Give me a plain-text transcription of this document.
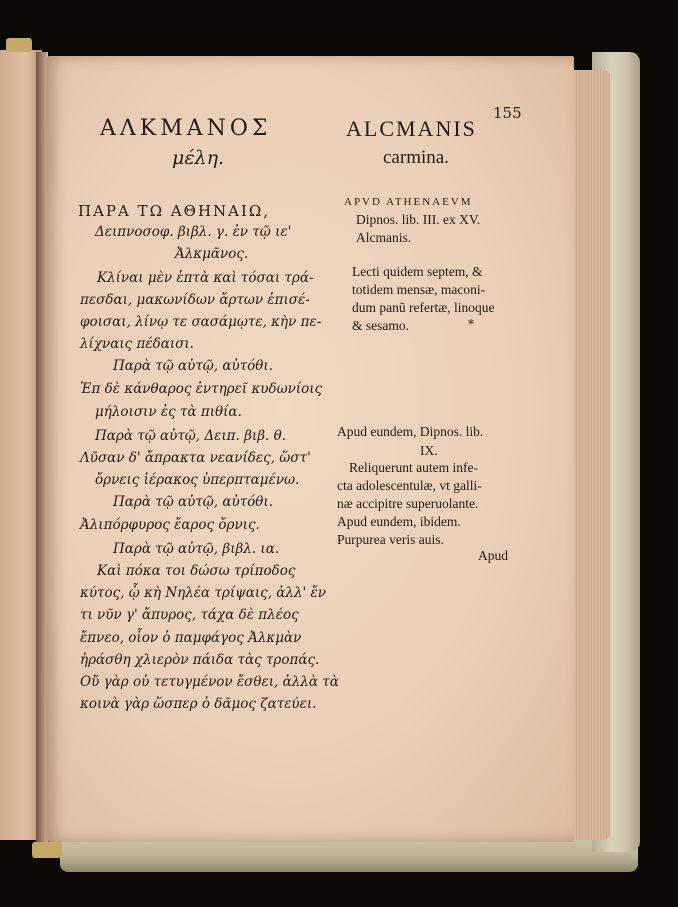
155
ΑΛΚΜΑΝΟΣ	ALCMANIS
μέλη.	carmina.
ΠΑΡΑ ΤΩ ΑΘΗΝΑΙΩ,
Δειπνοσοφ. βιβλ. γ. ἐν τῷ ιε'
Ἀλκμᾶνος.
Κλίναι μὲν ἑπτὰ καὶ τόσαι τρά-
πεσδαι, μακωνίδων ἄρτων ἐπισέ-
φοισαι, λίνῳ τε σασάμῳτε, κὴν πε-
λίχναις πέδαισι.
Παρὰ τῷ αὐτῷ, αὐτόθι.
Ἐπ δὲ κάνθαρος ἐντηρεῖ κυδωνίοις
μήλοισιν ἐς τὰ πιθία.
Παρὰ τῷ αὐτῷ, Δειπ. βιβ. θ.
Λῦσαν δ' ἄπρακτα νεανίδες, ὥστ'
ὄρνεις ἱέρακος ὑπερπταμένω.
Παρὰ τῷ αὐτῷ, αὐτόθι.
Ἀλιπόρφυρος ἔαρος ὄρνις.
Παρὰ τῷ αὐτῷ, βιβλ. ια.
Καὶ πόκα τοι δώσω τρίποδος
κύτος, ᾧ κὴ Νηλέα τρίψαις, ἀλλ' ἔν
τι νῦν γ' ἄπυρος, τάχα δὲ πλέος
ἔπνεο, οἷον ὁ παμφάγος Ἀλκμὰν
ἠράσθη χλιερὸν πάιδα τὰς τροπάς.
Οὔ γὰρ οὐ τετυγμένον ἔσθει, ἀλλὰ τὰ
κοινὰ γὰρ ὥσπερ ὁ δᾶμος ζατεύει.
APVD ATHENAEVM
Dipnos. lib. III. ex XV.
Alcmanis.
Lecti quidem septem, &
totidem mensæ, maconi-
dum panũ refertæ, linoque
& sesamo.	*
Apud eundem, Dipnos. lib.
IX.
Reliquerunt autem infe-
cta adolescentulæ, vt galli-
næ accipitre superuolante.
Apud eundem, ibidem.
Purpurea veris auis.
Apud
